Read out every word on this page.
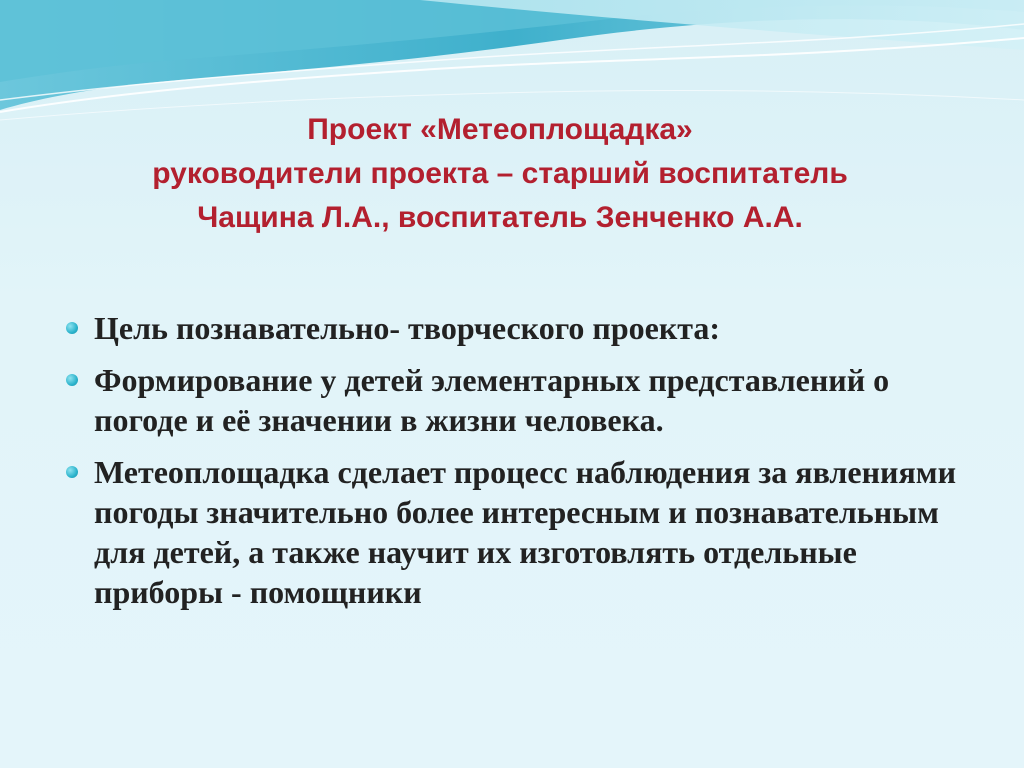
Проект «Метеоплощадка»
руководители проекта – старший воспитатель
Чащина Л.А., воспитатель Зенченко А.А.
Цель познавательно- творческого проекта:
Формирование у детей элементарных представлений о погоде и её значении в жизни человека.
Метеоплощадка сделает процесс наблюдения за явлениями погоды значительно более интересным и познавательным для детей, а также научит их изготовлять отдельные приборы - помощники
